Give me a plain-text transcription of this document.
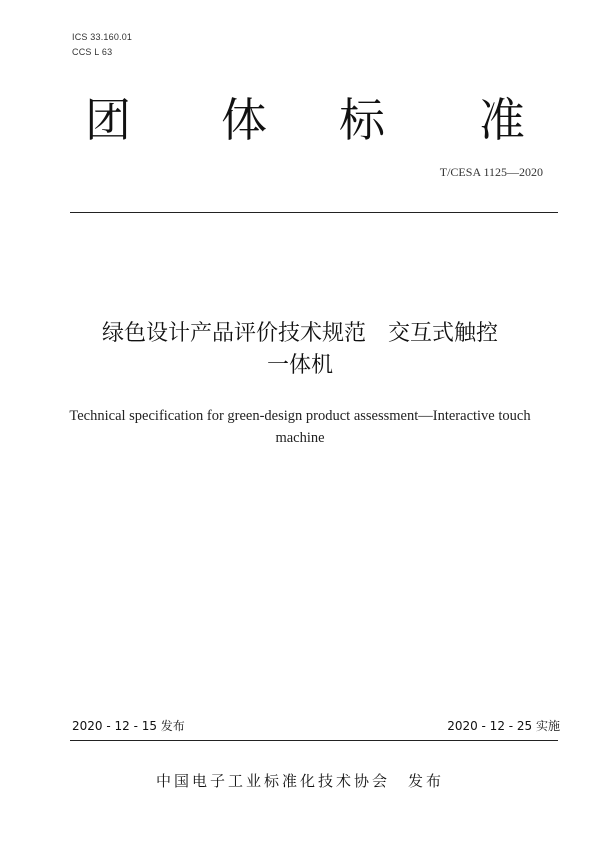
ICS 33.160.01
CCS L 63
团 体 标 准
T/CESA 1125—2020
绿色设计产品评价技术规范　交互式触控
一体机
Technical specification for green-design product assessment—Interactive touch machine
2020 - 12 - 15 发布	2020 - 12 - 25 实施
中国电子工业标准化技术协会 发布
